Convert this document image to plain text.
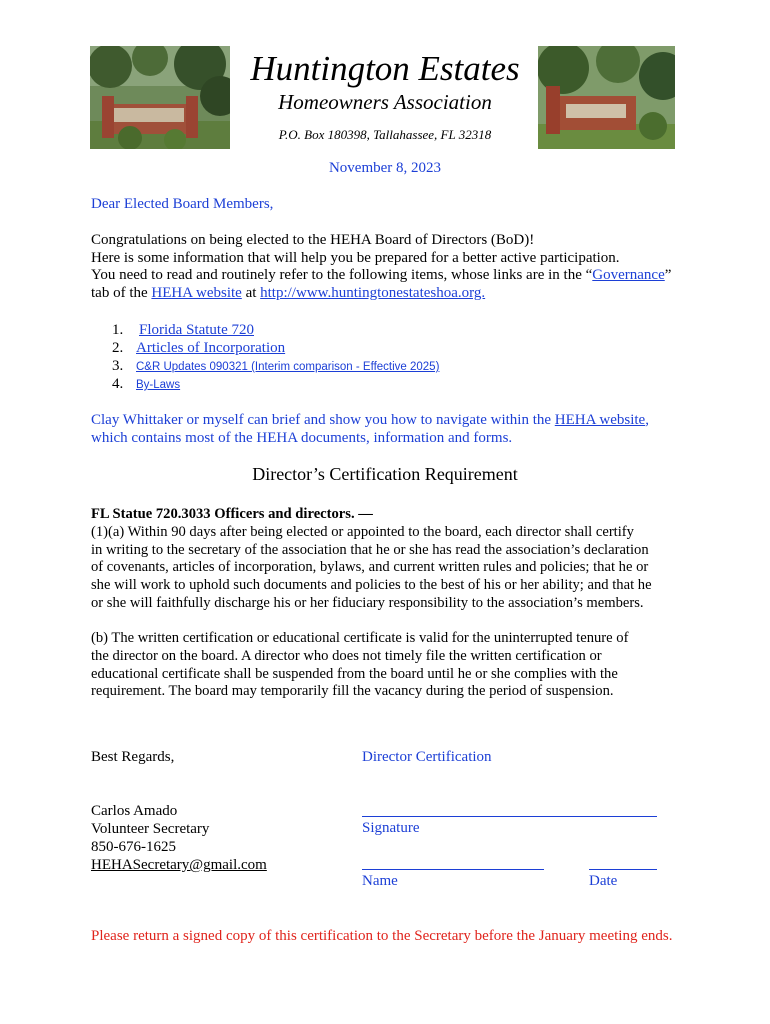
Huntington Estates
Homeowners Association
P.O. Box 180398, Tallahassee, FL 32318
November 8, 2023
Dear Elected Board Members,
Congratulations on being elected to the HEHA Board of Directors (BoD)!
Here is some information that will help you be prepared for a better active participation.
You need to read and routinely refer to the following items, whose links are in the “Governance”
tab of the HEHA website at http://www.huntingtonestateshoa.org.
1. Florida Statute 720
2. Articles of Incorporation
3. C&R Updates 090321 (Interim comparison - Effective 2025)
4. By-Laws
Clay Whittaker or myself can brief and show you how to navigate within the HEHA website,
which contains most of the HEHA documents, information and forms.
Director’s Certification Requirement
FL Statue 720.3033 Officers and directors. —
(1)(a) Within 90 days after being elected or appointed to the board, each director shall certify
in writing to the secretary of the association that he or she has read the association’s declaration
of covenants, articles of incorporation, bylaws, and current written rules and policies; that he or
she will work to uphold such documents and policies to the best of his or her ability; and that he
or she will faithfully discharge his or her fiduciary responsibility to the association’s members.
(b) The written certification or educational certificate is valid for the uninterrupted tenure of
the director on the board. A director who does not timely file the written certification or
educational certificate shall be suspended from the board until he or she complies with the
requirement. The board may temporarily fill the vacancy during the period of suspension.
Best Regards,
Carlos Amado
Volunteer Secretary
850-676-1625
HEHASecretary@gmail.com
Director Certification
Signature
Name	Date
Please return a signed copy of this certification to the Secretary before the January meeting ends.
